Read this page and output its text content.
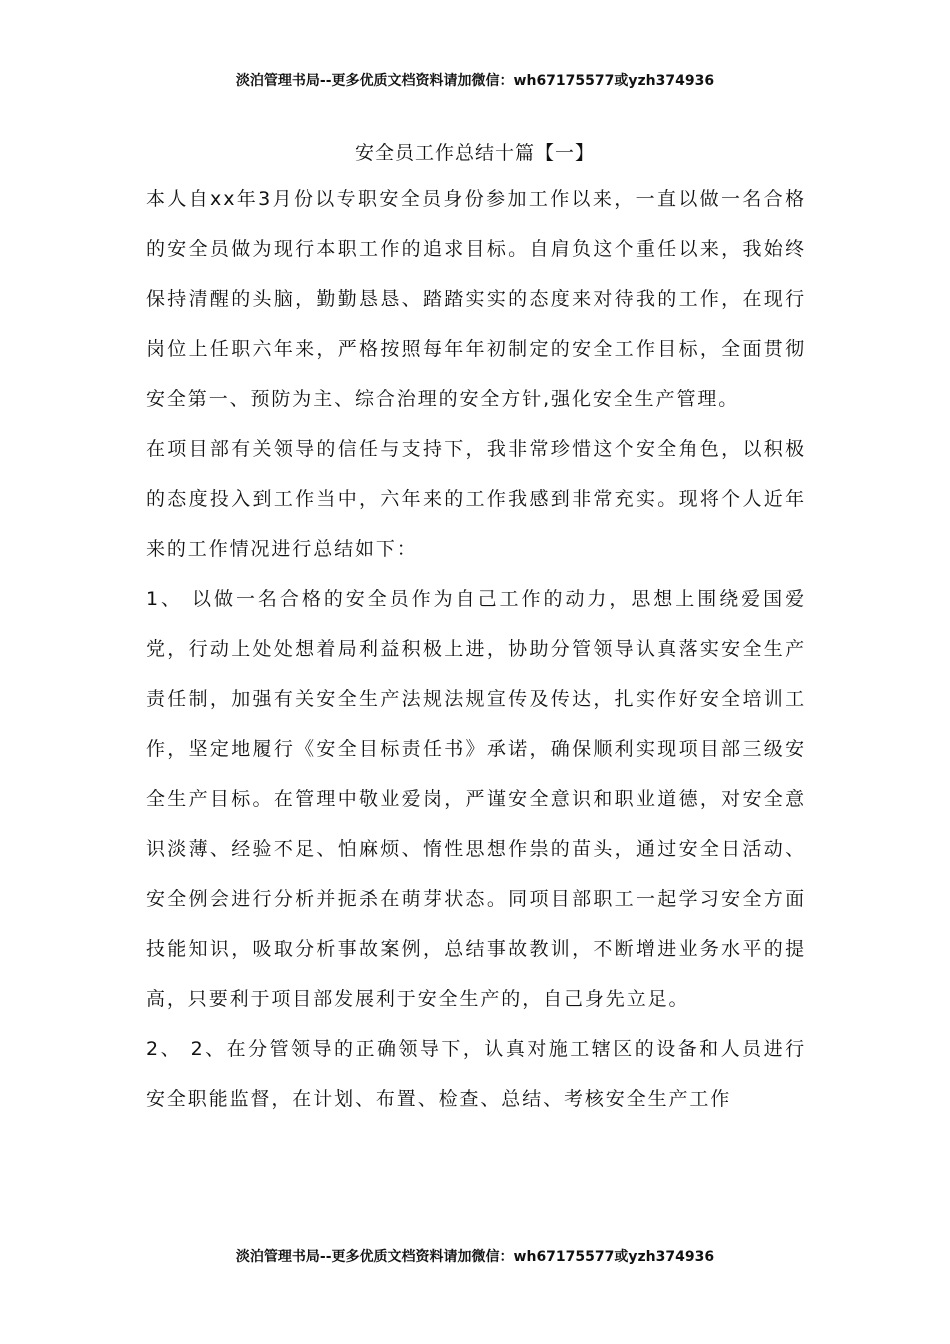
淡泊管理书局--更多优质文档资料请加微信：wh67175577或yzh374936
安全员工作总结十篇【一】

本人自xx年3月份以专职安全员身份参加工作以来，一直以做一名合格的安全员做为现行本职工作的追求目标。自肩负这个重任以来，我始终保持清醒的头脑，勤勤恳恳、踏踏实实的态度来对待我的工作，在现行岗位上任职六年来，严格按照每年年初制定的安全工作目标，全面贯彻安全第一、预防为主、综合治理的安全方针,强化安全生产管理。

在项目部有关领导的信任与支持下，我非常珍惜这个安全角色，以积极的态度投入到工作当中，六年来的工作我感到非常充实。现将个人近年来的工作情况进行总结如下：

1、 以做一名合格的安全员作为自己工作的动力，思想上围绕爱国爱党，行动上处处想着局利益积极上进，协助分管领导认真落实安全生产责任制，加强有关安全生产法规法规宣传及传达，扎实作好安全培训工作，坚定地履行《安全目标责任书》承诺，确保顺利实现项目部三级安全生产目标。在管理中敬业爱岗，严谨安全意识和职业道德，对安全意识淡薄、经验不足、怕麻烦、惰性思想作祟的苗头，通过安全日活动、安全例会进行分析并扼杀在萌芽状态。同项目部职工一起学习安全方面技能知识，吸取分析事故案例，总结事故教训，不断增进业务水平的提高，只要利于项目部发展利于安全生产的，自己身先立足。

2、 2、在分管领导的正确领导下，认真对施工辖区的设备和人员进行安全职能监督，在计划、布置、检查、总结、考核安全生产工作

淡泊管理书局--更多优质文档资料请加微信：wh67175577或yzh374936
